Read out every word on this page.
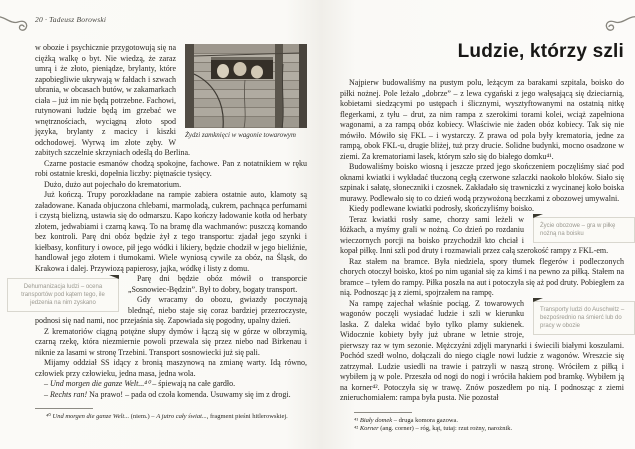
20 · Tadeusz Borowski
Żydzi zamknięci w wagonie towarowym

w obozie i psychicznie przygotowują się na ciężką walkę o byt. Nie wiedzą, że zaraz umrą i że złoto, pieniądze, brylanty, które zapobiegliwie ukrywają w fałdach i szwach ubrania, w obcasach butów, w zakamarkach ciała – już im nie będą potrzebne. Fachowi, rutynowani ludzie będą im grzebać we wnętrznościach, wyciągną złoto spod języka, brylanty z macicy i kiszki odchodowej. Wyrwą im złote zęby. W zabitych szczelnie skrzyniach odeślą do Berlina.

Czarne postacie esmanów chodzą spokojne, fachowe. Pan z notatnikiem w ręku robi ostatnie kreski, dopełnia liczby: piętnaście tysięcy.

Dużo, dużo aut pojechało do krematorium.

Już kończą. Trupy porozkładane na rampie zabiera ostatnie auto, klamoty są załadowane. Kanada objuczona chlebami, marmoladą, cukrem, pachnąca perfumami i czystą bielizną, ustawia się do odmarszu. Kapo kończy ładowanie kotła od herbaty złotem, jedwabiami i czarną kawą. To na bramę dla wachmanów: puszczą komando bez kontroli. Parę dni obóz będzie żył z tego transportu: zjadał jego szynki i kiełbasy, konfitury i owoce, pił jego wódki i likiery, będzie chodził w jego bieliźnie, handlował jego złotem i tłumokami. Wiele wyniosą cywile za obóz, na Śląsk, do Krakowa i dalej. Przywiozą papierosy, jajka, wódkę i listy z domu.

Dehumanizacja ludzi – ocena transportów pod kątem tego, ile jedzenia na nim zyskano

Parę dni będzie obóz mówił o transporcie „Sosnowiec-Będzin”. Był to dobry, bogaty transport.

Gdy wracamy do obozu, gwiazdy poczynają blednąć, niebo staje się coraz bardziej przezroczyste, podnosi się nad nami, noc przejaśnia się. Zapowiada się pogodny, upalny dzień.

Z krematoriów ciągną potężne słupy dymów i łączą się w górze w olbrzymią, czarną rzekę, która niezmiernie powoli przewala się przez niebo nad Birkenau i niknie za lasami w stronę Trzebini. Transport sosnowiecki już się pali.

Mijamy oddział SS idący z bronią maszynową na zmianę warty. Idą równo, człowiek przy człowieku, jedna masa, jedna wola.

– Und morgen die ganze Welt...⁴⁰ – śpiewają na całe gardło.

– Rechts ran! Na prawo! – pada od czoła komenda. Usuwamy się im z drogi.

⁴⁰ Und morgen die ganze Welt... (niem.) – A jutro cały świat..., fragment pieśni hitlerowskiej.

Ludzie, którzy szli

Najpierw budowaliśmy na pustym polu, leżącym za barakami szpitala, boisko do piłki nożnej. Pole leżało „dobrze” – z lewa cygański z jego wałęsającą się dzieciarnią, kobietami siedzącymi po ustępach i ślicznymi, wysztyftowanymi na ostatnią nitkę flegerkami, z tyłu – drut, za nim rampa z szerokimi torami kolei, wciąż zapełniona wagonami, a za rampą obóz kobiecy. Właściwie nie żaden obóz kobiecy. Tak się nie mówiło. Mówiło się FKL – i wystarczy. Z prawa od pola były krematoria, jedne za rampą, obok FKL-u, drugie bliżej, tuż przy drucie. Solidne budynki, mocno osadzone w ziemi. Za krematoriami lasek, którym szło się do białego domku⁴¹.

Budowaliśmy boisko wiosną i jeszcze przed jego skończeniem poczęliśmy siać pod oknami kwiatki i wykładać tłuczoną cegłą czerwone szlaczki naokoło bloków. Siało się szpinak i sałatę, słoneczniki i czosnek. Zakładało się trawniczki z wycinanej koło boiska murawy. Podlewało się to co dzień wodą przywożoną beczkami z obozowej umywalni.

Kiedy podlewane kwiatki podrosły, skończyliśmy boisko.

Życie obozowe – gra w piłkę nożną na boisku

Teraz kwiatki rosły same, chorzy sami leżeli w łóżkach, a myśmy grali w nożną. Co dzień po rozdaniu wieczornych porcji na boisko przychodził kto chciał i kopał piłkę. Inni szli pod druty i rozmawiali przez całą szerokość rampy z FKL-em.

Raz stałem na bramce. Była niedziela, spory tłumek flegerów i podleczonych chorych otoczył boisko, ktoś po nim uganiał się za kimś i na pewno za piłką. Stałem na bramce – tyłem do rampy. Piłka poszła na aut i potoczyła się aż pod druty. Pobiegłem za nią. Podnosząc ją z ziemi, spojrzałem na rampę.

Transporty ludzi do Auschwitz – bezpośrednio na śmierć lub do pracy w obozie

Na rampę zajechał właśnie pociąg. Z towarowych wagonów poczęli wysiadać ludzie i szli w kierunku laska. Z daleka widać było tylko plamy sukienek. Widocznie kobiety były już ubrane w letnie stroje, pierwszy raz w tym sezonie. Mężczyźni zdjęli marynarki i świecili białymi koszulami. Pochód szedł wolno, dołączali do niego ciągle nowi ludzie z wagonów. Wreszcie się zatrzymał. Ludzie usiedli na trawie i patrzyli w naszą stronę. Wróciłem z piłką i wybiłem ją w pole. Przeszła od nogi do nogi i wróciła hakiem pod bramkę. Wybiłem ją na korner⁴². Potoczyła się w trawę. Znów poszedłem po nią. I podnosząc z ziemi znieruchomiałem: rampa była pusta. Nie pozostał

⁴¹ Biały domek – druga komora gazowa.

⁴² Korner (ang. corner) – róg, kąt, tutaj: rzut rożny, narożnik.
